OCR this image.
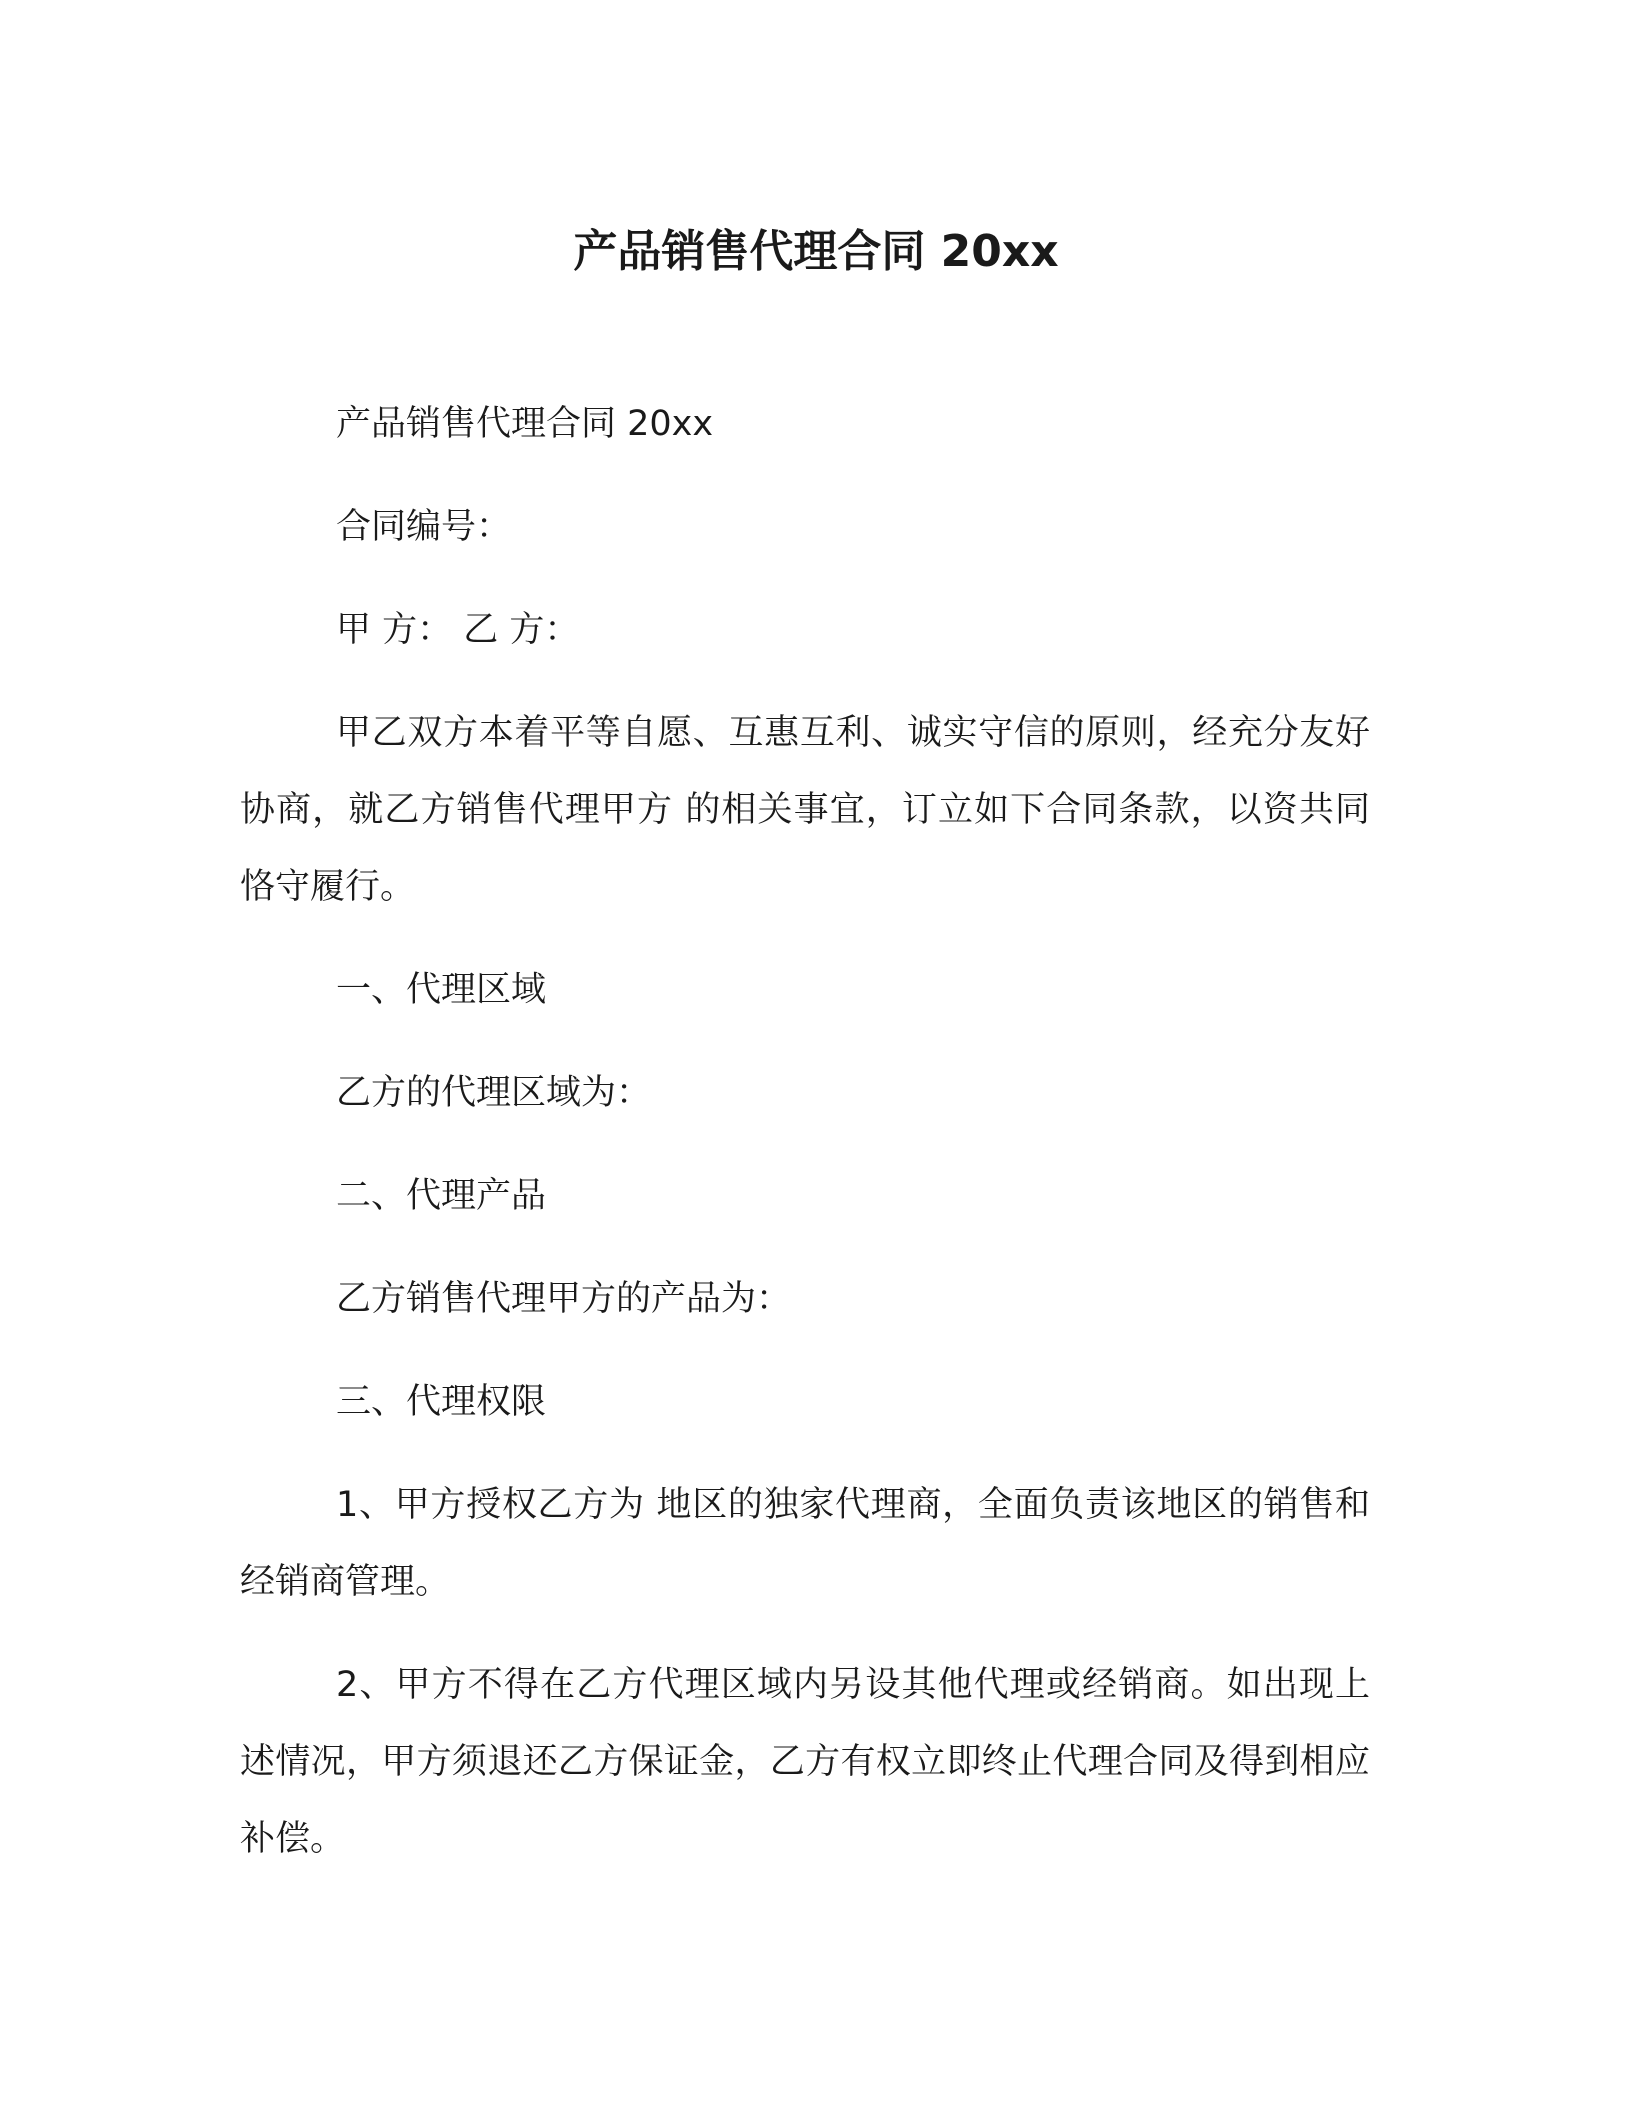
产品销售代理合同 20xx

产品销售代理合同 20xx

合同编号：

甲 方： 乙 方：

甲乙双方本着平等自愿、互惠互利、诚实守信的原则，经充分友好协商，就乙方销售代理甲方 的相关事宜，订立如下合同条款，以资共同恪守履行。

一、代理区域

乙方的代理区域为：

二、代理产品

乙方销售代理甲方的产品为：

三、代理权限

1、甲方授权乙方为 地区的独家代理商，全面负责该地区的销售和经销商管理。

2、甲方不得在乙方代理区域内另设其他代理或经销商。如出现上述情况，甲方须退还乙方保证金，乙方有权立即终止代理合同及得到相应补偿。
